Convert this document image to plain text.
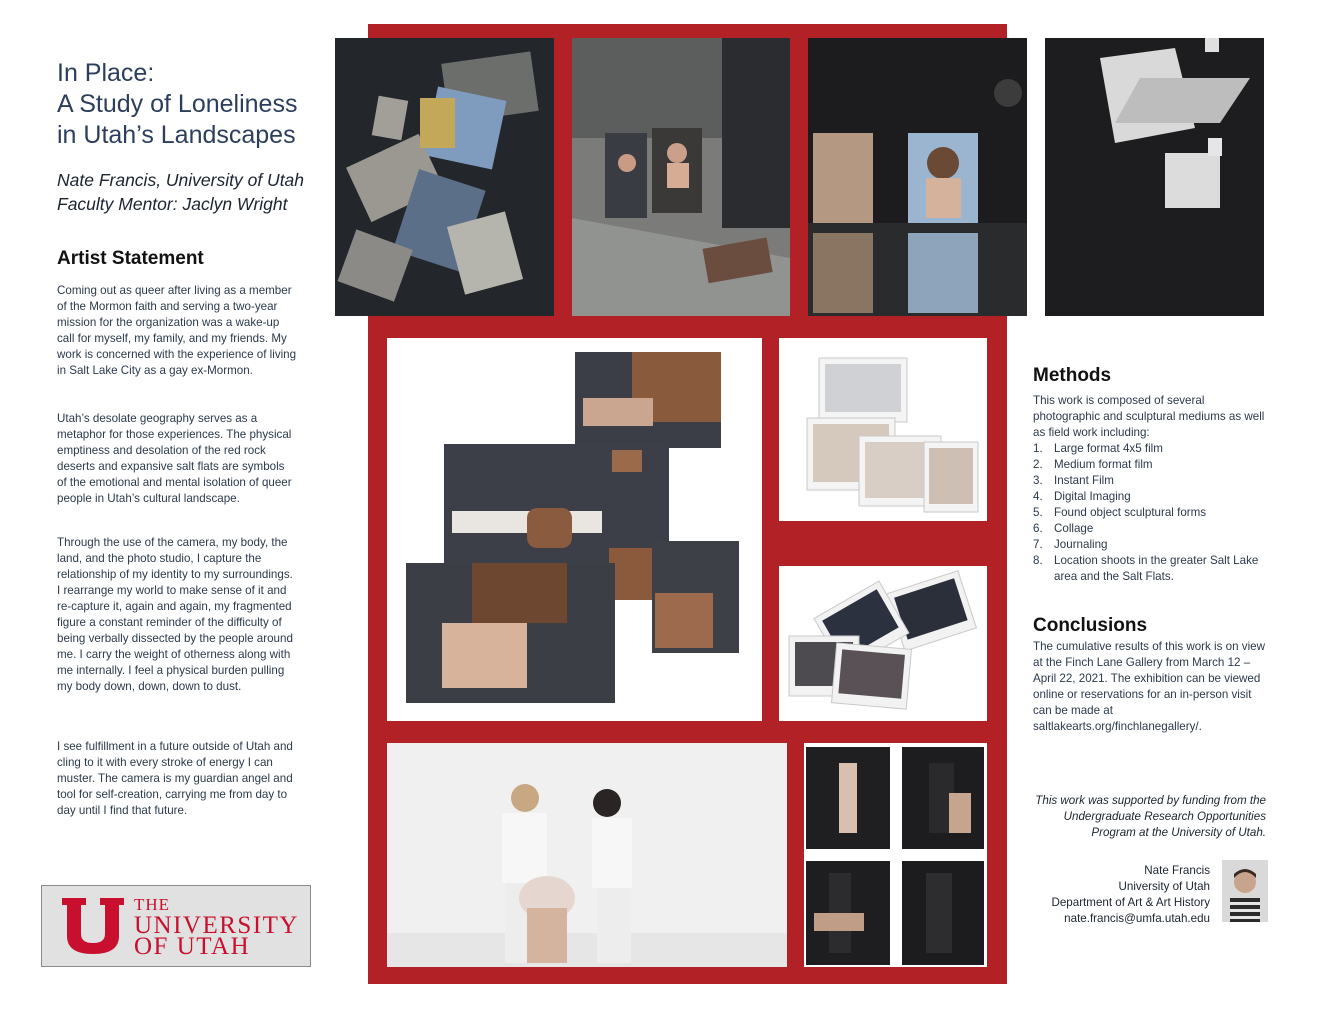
In Place:
A Study of Loneliness
in Utah’s Landscapes
Nate Francis, University of Utah
Faculty Mentor: Jaclyn Wright
Artist Statement
Coming out as queer after living as a member of the Mormon faith and serving a two-year mission for the organization was a wake-up call for myself, my family, and my friends. My work is concerned with the experience of living in Salt Lake City as a gay ex-Mormon.
Utah’s desolate geography serves as a metaphor for those experiences. The physical emptiness and desolation of the red rock deserts and expansive salt flats are symbols of the emotional and mental isolation of queer people in Utah’s cultural landscape.
Through the use of the camera, my body, the land, and the photo studio, I capture the relationship of my identity to my surroundings. I rearrange my world to make sense of it and re-capture it, again and again, my fragmented figure a constant reminder of the difficulty of being verbally dissected by the people around me. I carry the weight of otherness along with me internally. I feel a physical burden pulling my body down, down, down to dust.
I see fulfillment in a future outside of Utah and cling to it with every stroke of energy I can muster. The camera is my guardian angel and tool for self-creation, carrying me from day to day until I find that future.
THE
UNIVERSITY
OF UTAH
Methods
This work is composed of several photographic and sculptural mediums as well as field work including:
1. Large format 4x5 film
2. Medium format film
3. Instant Film
4. Digital Imaging
5. Found object sculptural forms
6. Collage
7. Journaling
8. Location shoots in the greater Salt Lake area and the Salt Flats.
Conclusions
The cumulative results of this work is on view at the Finch Lane Gallery from March 12 – April 22, 2021. The exhibition can be viewed online or reservations for an in-person visit can be made at saltlakearts.org/finchlanegallery/.
This work was supported by funding from the Undergraduate Research Opportunities Program at the University of Utah.
Nate Francis
University of Utah
Department of Art & Art History
nate.francis@umfa.utah.edu
